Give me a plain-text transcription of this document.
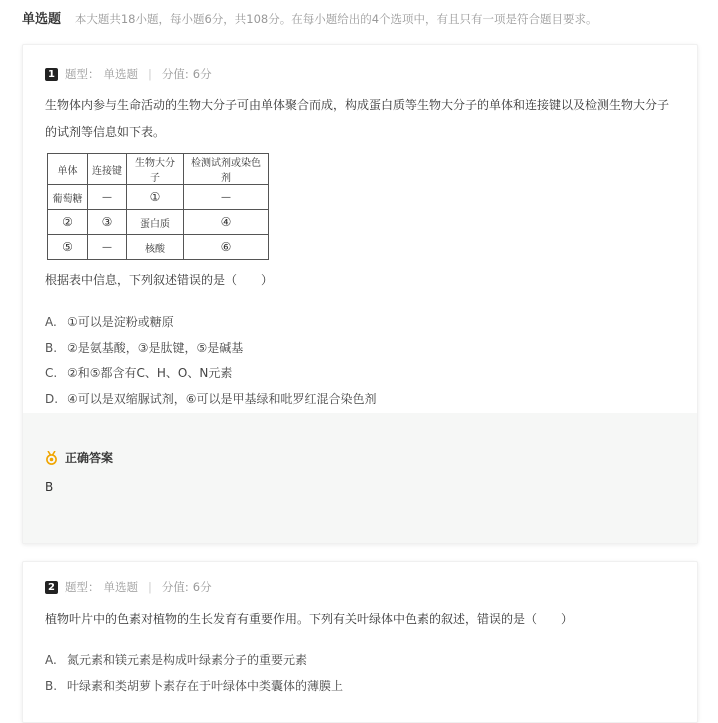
单选题 本大题共18小题，每小题6分，共108分。在每小题给出的4个选项中，有且只有一项是符合题目要求。
1 题型： 单选题 | 分值: 6分
生物体内参与生命活动的生物大分子可由单体聚合而成，构成蛋白质等生物大分子的单体和连接键以及检测生物大分子的试剂等信息如下表。
单体	连接键	生物大分子	检测试剂或染色剂
葡萄糖	—	①	—
②	③	蛋白质	④
⑤	—	核酸	⑥
根据表中信息，下列叙述错误的是（　　）
A. ①可以是淀粉或糖原
B. ②是氨基酸，③是肽键，⑤是碱基
C. ②和⑤都含有C、H、O、N元素
D. ④可以是双缩脲试剂，⑥可以是甲基绿和吡罗红混合染色剂
正确答案
B
2 题型： 单选题 | 分值: 6分
植物叶片中的色素对植物的生长发育有重要作用。下列有关叶绿体中色素的叙述，错误的是（　　）
A. 氮元素和镁元素是构成叶绿素分子的重要元素
B. 叶绿素和类胡萝卜素存在于叶绿体中类囊体的薄膜上
